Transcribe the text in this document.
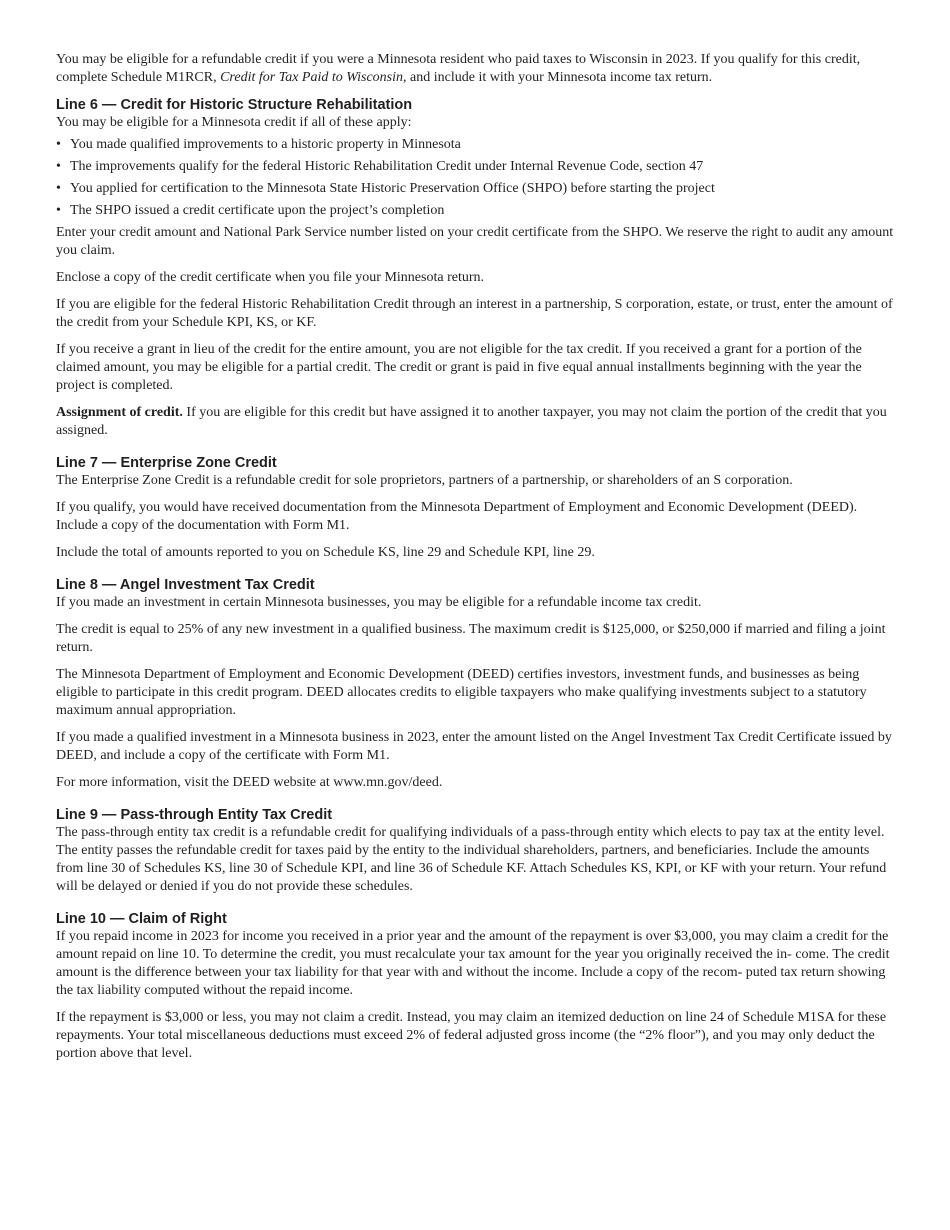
You may be eligible for a refundable credit if you were a Minnesota resident who paid taxes to Wisconsin in 2023. If you qualify for this credit, complete Schedule M1RCR, Credit for Tax Paid to Wisconsin, and include it with your Minnesota income tax return.

Line 6 — Credit for Historic Structure Rehabilitation

You may be eligible for a Minnesota credit if all of these apply:

• You made qualified improvements to a historic property in Minnesota
• The improvements qualify for the federal Historic Rehabilitation Credit under Internal Revenue Code, section 47
• You applied for certification to the Minnesota State Historic Preservation Office (SHPO) before starting the project
• The SHPO issued a credit certificate upon the project’s completion

Enter your credit amount and National Park Service number listed on your credit certificate from the SHPO. We reserve the right to audit any amount you claim.

Enclose a copy of the credit certificate when you file your Minnesota return.

If you are eligible for the federal Historic Rehabilitation Credit through an interest in a partnership, S corporation, estate, or trust, enter the amount of the credit from your Schedule KPI, KS, or KF.

If you receive a grant in lieu of the credit for the entire amount, you are not eligible for the tax credit. If you received a grant for a portion of the claimed amount, you may be eligible for a partial credit. The credit or grant is paid in five equal annual installments beginning with the year the project is completed.

Assignment of credit. If you are eligible for this credit but have assigned it to another taxpayer, you may not claim the portion of the credit that you assigned.

Line 7 — Enterprise Zone Credit

The Enterprise Zone Credit is a refundable credit for sole proprietors, partners of a partnership, or shareholders of an S corporation.

If you qualify, you would have received documentation from the Minnesota Department of Employment and Economic Development (DEED). Include a copy of the documentation with Form M1.

Include the total of amounts reported to you on Schedule KS, line 29 and Schedule KPI, line 29.

Line 8 — Angel Investment Tax Credit

If you made an investment in certain Minnesota businesses, you may be eligible for a refundable income tax credit.

The credit is equal to 25% of any new investment in a qualified business. The maximum credit is $125,000, or $250,000 if married and filing a joint return.

The Minnesota Department of Employment and Economic Development (DEED) certifies investors, investment funds, and businesses as being eligible to participate in this credit program. DEED allocates credits to eligible taxpayers who make qualifying investments subject to a statutory maximum annual appropriation.

If you made a qualified investment in a Minnesota business in 2023, enter the amount listed on the Angel Investment Tax Credit Certificate issued by DEED, and include a copy of the certificate with Form M1.

For more information, visit the DEED website at www.mn.gov/deed.

Line 9 — Pass-through Entity Tax Credit

The pass-through entity tax credit is a refundable credit for qualifying individuals of a pass-through entity which elects to pay tax at the entity level. The entity passes the refundable credit for taxes paid by the entity to the individual shareholders, partners, and beneficiaries. Include the amounts from line 30 of Schedules KS, line 30 of Schedule KPI, and line 36 of Schedule KF. Attach Schedules KS, KPI, or KF with your return. Your refund will be delayed or denied if you do not provide these schedules.

Line 10 — Claim of Right

If you repaid income in 2023 for income you received in a prior year and the amount of the repayment is over $3,000, you may claim a credit for the amount repaid on line 10. To determine the credit, you must recalculate your tax amount for the year you originally received the in- come. The credit amount is the difference between your tax liability for that year with and without the income. Include a copy of the recom- puted tax return showing the tax liability computed without the repaid income.

If the repayment is $3,000 or less, you may not claim a credit. Instead, you may claim an itemized deduction on line 24 of Schedule M1SA for these repayments. Your total miscellaneous deductions must exceed 2% of federal adjusted gross income (the “2% floor”), and you may only deduct the portion above that level.
